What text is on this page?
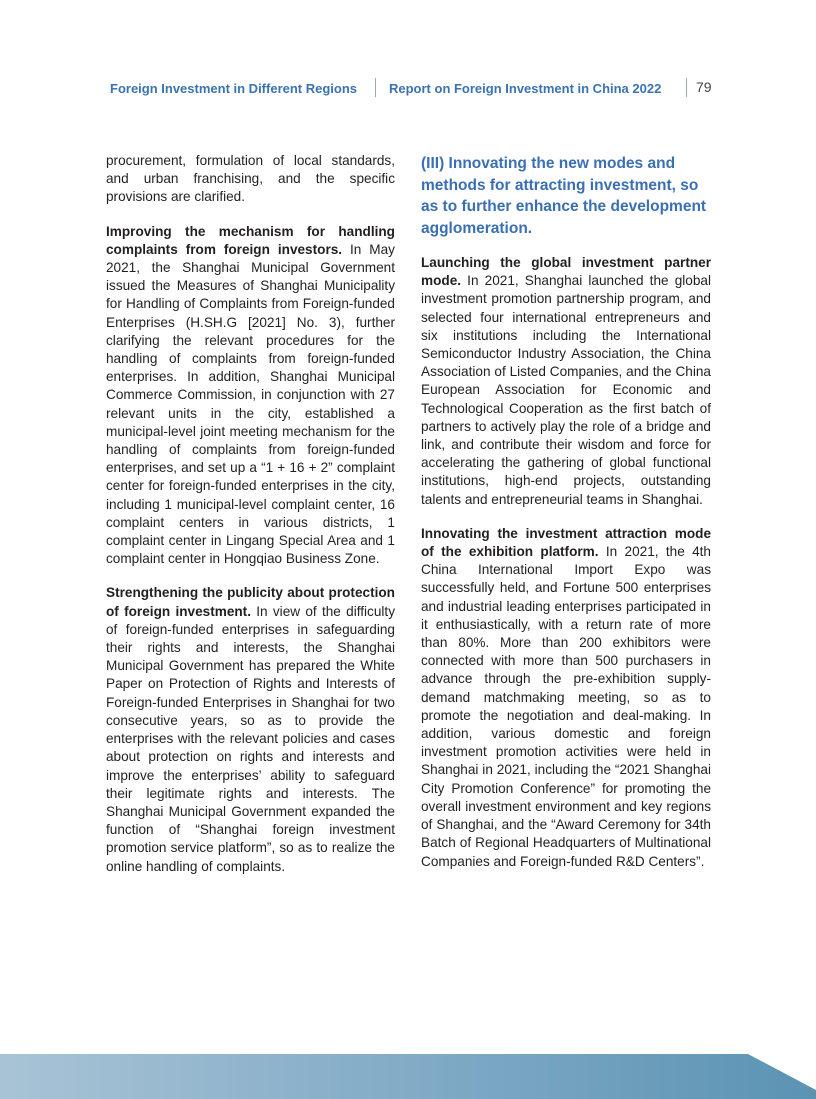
Foreign Investment in Different Regions Report on Foreign Investment in China 2022 79

procurement, formulation of local standards, and urban franchising, and the specific provisions are clarified.

Improving the mechanism for handling complaints from foreign investors. In May 2021, the Shanghai Municipal Government issued the Measures of Shanghai Municipality for Handling of Complaints from Foreign-funded Enterprises (H.SH.G [2021] No. 3), further clarifying the relevant procedures for the handling of complaints from foreign-funded enterprises. In addition, Shanghai Municipal Commerce Commission, in conjunction with 27 relevant units in the city, established a municipal-level joint meeting mechanism for the handling of complaints from foreign-funded enterprises, and set up a “1 + 16 + 2” complaint center for foreign-funded enterprises in the city, including 1 municipal-level complaint center, 16 complaint centers in various districts, 1 complaint center in Lingang Special Area and 1 complaint center in Hongqiao Business Zone.

Strengthening the publicity about protection of foreign investment. In view of the difficulty of foreign-funded enterprises in safeguarding their rights and interests, the Shanghai Municipal Government has prepared the White Paper on Protection of Rights and Interests of Foreign-funded Enterprises in Shanghai for two consecutive years, so as to provide the enterprises with the relevant policies and cases about protection on rights and interests and improve the enterprises’ ability to safeguard their legitimate rights and interests. The Shanghai Municipal Government expanded the function of “Shanghai foreign investment promotion service platform”, so as to realize the online handling of complaints.

(III) Innovating the new modes and methods for attracting investment, so as to further enhance the development agglomeration.

Launching the global investment partner mode. In 2021, Shanghai launched the global investment promotion partnership program, and selected four international entrepreneurs and six institutions including the International Semiconductor Industry Association, the China Association of Listed Companies, and the China European Association for Economic and Technological Cooperation as the first batch of partners to actively play the role of a bridge and link, and contribute their wisdom and force for accelerating the gathering of global functional institutions, high-end projects, outstanding talents and entrepreneurial teams in Shanghai.

Innovating the investment attraction mode of the exhibition platform. In 2021, the 4th China International Import Expo was successfully held, and Fortune 500 enterprises and industrial leading enterprises participated in it enthusiastically, with a return rate of more than 80%. More than 200 exhibitors were connected with more than 500 purchasers in advance through the pre-exhibition supply-demand matchmaking meeting, so as to promote the negotiation and deal-making. In addition, various domestic and foreign investment promotion activities were held in Shanghai in 2021, including the “2021 Shanghai City Promotion Conference” for promoting the overall investment environment and key regions of Shanghai, and the “Award Ceremony for 34th Batch of Regional Headquarters of Multinational Companies and Foreign-funded R&D Centers”.
